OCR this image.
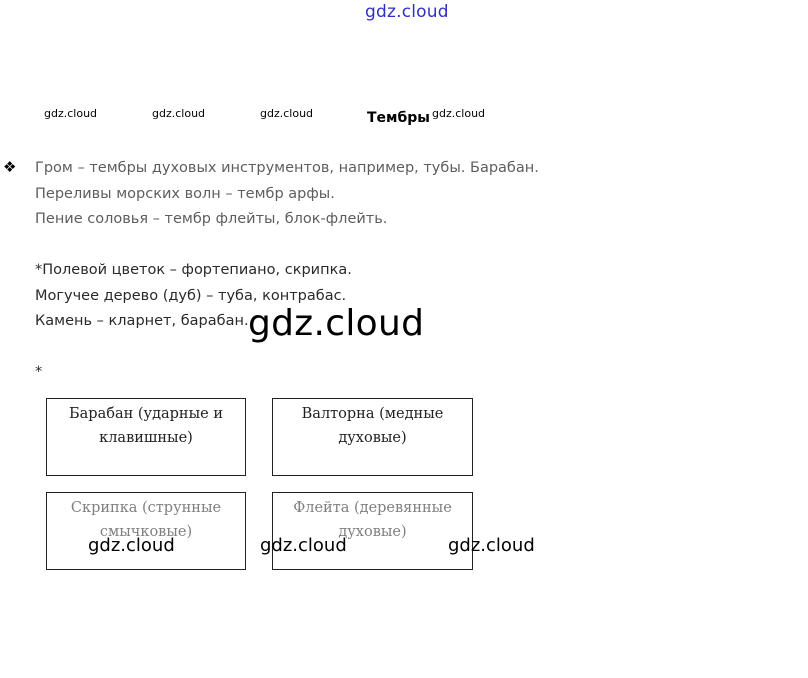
gdz.cloud
gdz.cloud	gdz.cloud	gdz.cloud	Тембры gdz.cloud
❖ Гром – тембры духовых инструментов, например, тубы. Барабан.
Переливы морских волн – тембр арфы.
Пение соловья – тембр флейты, блок-флейть.
*Полевой цветок – фортепиано, скрипка.
Могучее дерево (дуб) – туба, контрабас.
Камень – кларнет, барабан.
*
gdz.cloud
Барабан (ударные и
клавишные)
Валторна (медные
духовые)
Скрипка (струнные
смычковые)
Флейта (деревянные
духовые)
gdz.cloud	gdz.cloud	gdz.cloud
